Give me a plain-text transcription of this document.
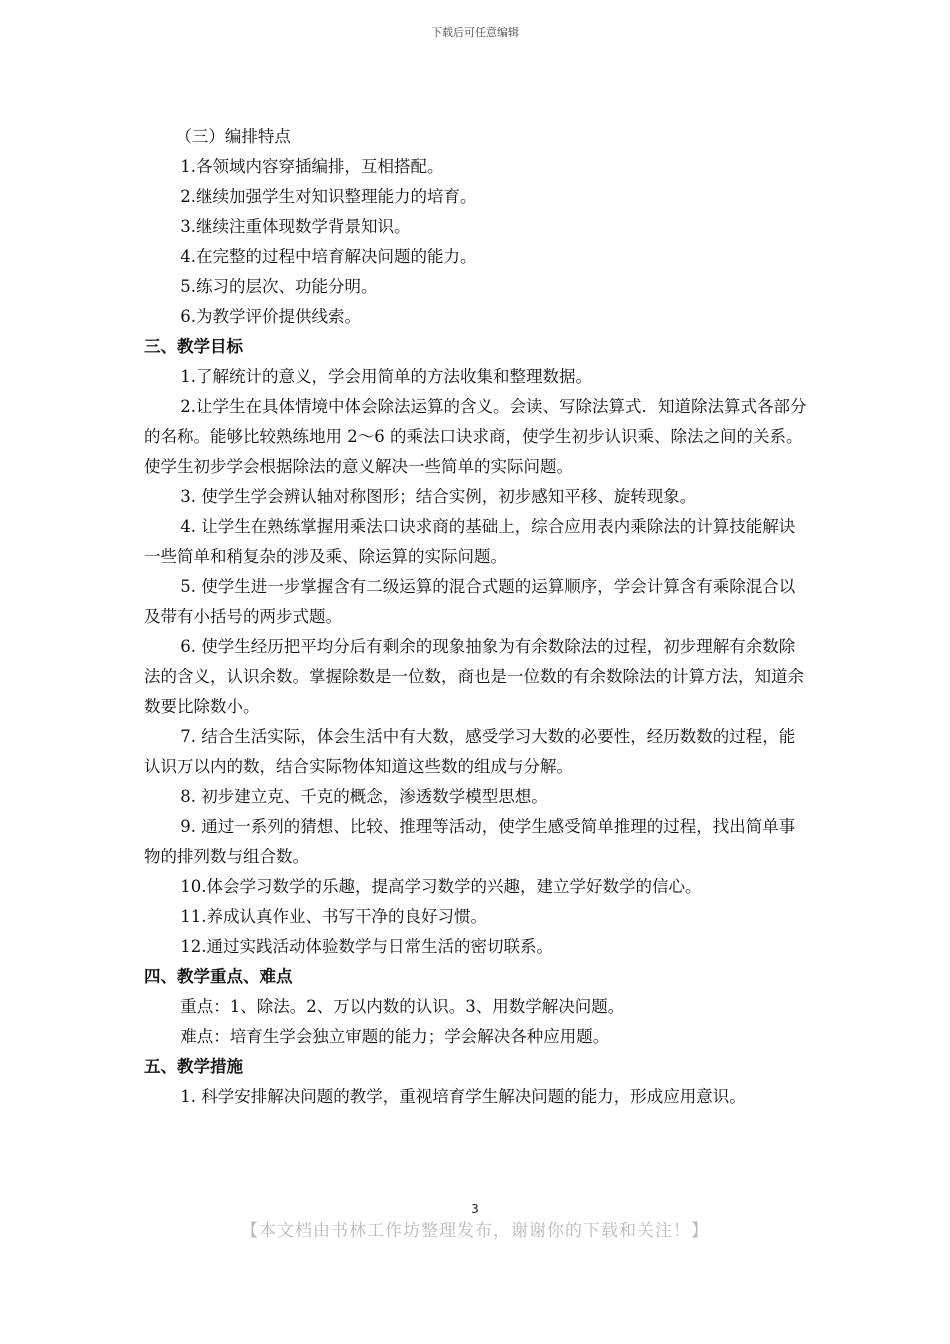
下载后可任意编辑

（三）编排特点

1.各领域内容穿插编排，互相搭配。

2.继续加强学生对知识整理能力的培育。

3.继续注重体现数学背景知识。

4.在完整的过程中培育解决问题的能力。

5.练习的层次、功能分明。

6.为教学评价提供线索。

三、教学目标

1.了解统计的意义，学会用简单的方法收集和整理数据。

2.让学生在具体情境中体会除法运算的含义。会读、写除法算式．知道除法算式各部分的名称。能够比较熟练地用 2～6 的乘法口诀求商，使学生初步认识乘、除法之间的关系。使学生初步学会根据除法的意义解决一些简单的实际问题。

3. 使学生学会辨认轴对称图形；结合实例，初步感知平移、旋转现象。

4. 让学生在熟练掌握用乘法口诀求商的基础上，综合应用表内乘除法的计算技能解诀一些简单和稍复杂的涉及乘、除运算的实际问题。

5. 使学生进一步掌握含有二级运算的混合式题的运算顺序，学会计算含有乘除混合以及带有小括号的两步式题。

6. 使学生经历把平均分后有剩余的现象抽象为有余数除法的过程，初步理解有余数除法的含义，认识余数。掌握除数是一位数，商也是一位数的有余数除法的计算方法，知道余数要比除数小。

7. 结合生活实际，体会生活中有大数，感受学习大数的必要性，经历数数的过程，能认识万以内的数，结合实际物体知道这些数的组成与分解。

8. 初步建立克、千克的概念，渗透数学模型思想。

9. 通过一系列的猜想、比较、推理等活动，使学生感受简单推理的过程，找出简单事物的排列数与组合数。

10.体会学习数学的乐趣，提高学习数学的兴趣，建立学好数学的信心。

11.养成认真作业、书写干净的良好习惯。

12.通过实践活动体验数学与日常生活的密切联系。

四、教学重点、难点

重点：1、除法。2、万以内数的认识。3、用数学解决问题。

难点：培育生学会独立审题的能力；学会解决各种应用题。

五、教学措施

1. 科学安排解决问题的教学，重视培育学生解决问题的能力，形成应用意识。

3
【本文档由书林工作坊整理发布，谢谢你的下载和关注！】
